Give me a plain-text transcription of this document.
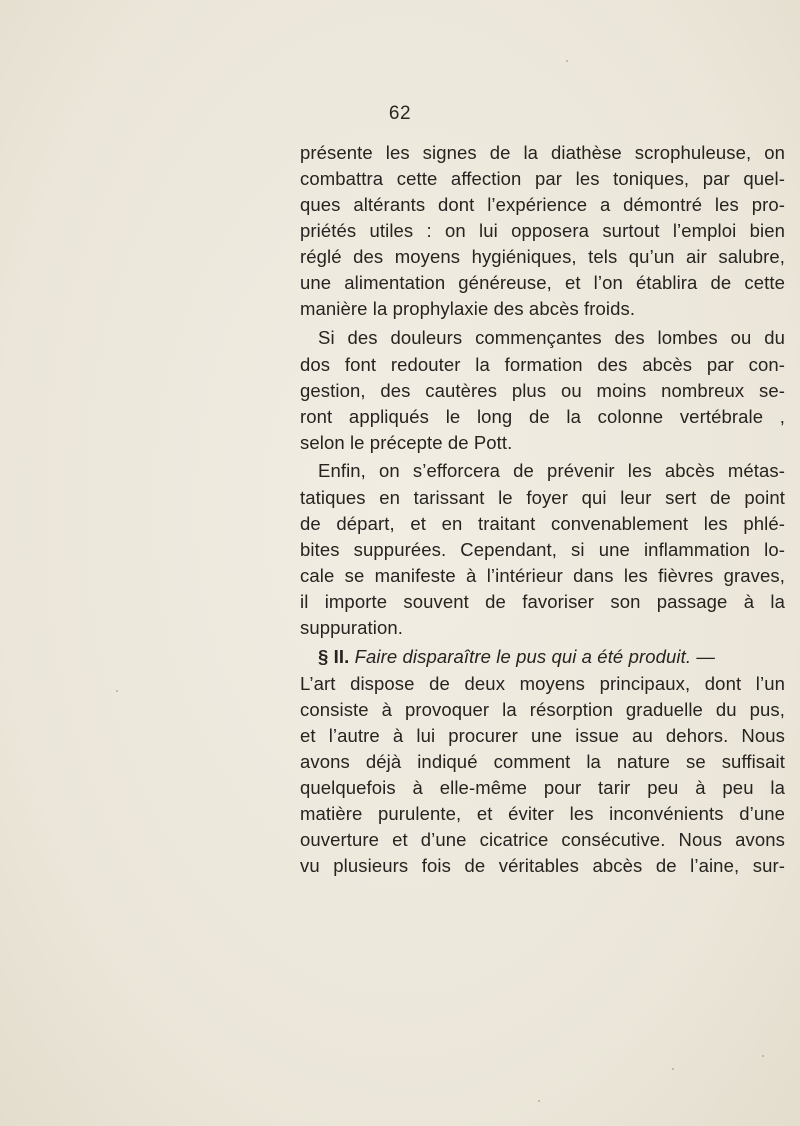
62
présente les signes de la diathèse scrophuleuse, on
combattra cette affection par les toniques, par quel-
ques altérants dont l’expérience a démontré les pro-
priétés utiles : on lui opposera surtout l’emploi bien
réglé des moyens hygiéniques, tels qu’un air salubre,
une alimentation généreuse, et l’on établira de cette
manière la prophylaxie des abcès froids.
Si des douleurs commençantes des lombes ou du
dos font redouter la formation des abcès par con-
gestion, des cautères plus ou moins nombreux se-
ront appliqués le long de la colonne vertébrale ,
selon le précepte de Pott.
Enfin, on s’efforcera de prévenir les abcès métas-
tatiques en tarissant le foyer qui leur sert de point
de départ, et en traitant convenablement les phlé-
bites suppurées. Cependant, si une inflammation lo-
cale se manifeste à l’intérieur dans les fièvres graves,
il importe souvent de favoriser son passage à la
suppuration.
§ II. Faire disparaître le pus qui a été produit. —
L’art dispose de deux moyens principaux, dont l’un
consiste à provoquer la résorption graduelle du pus,
et l’autre à lui procurer une issue au dehors. Nous
avons déjà indiqué comment la nature se suffisait
quelquefois à elle-même pour tarir peu à peu la
matière purulente, et éviter les inconvénients d’une
ouverture et d’une cicatrice consécutive. Nous avons
vu plusieurs fois de véritables abcès de l’aine, sur-
